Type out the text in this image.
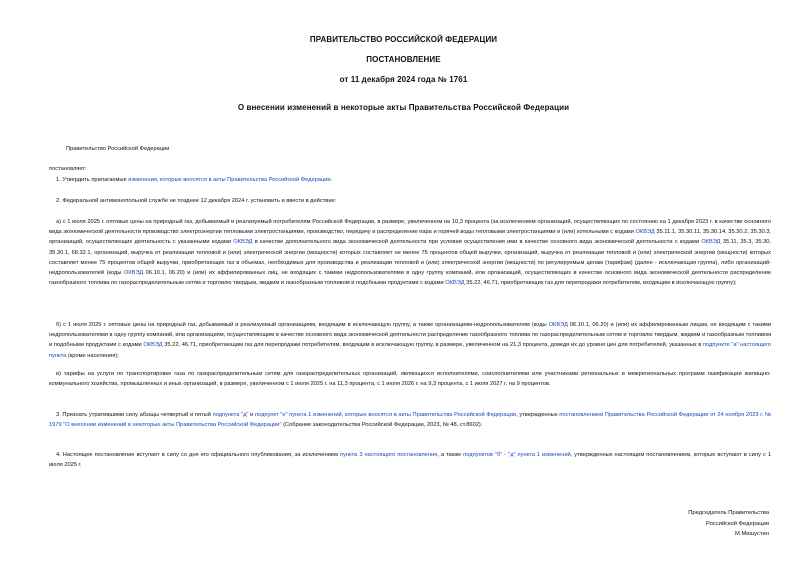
ПРАВИТЕЛЬСТВО РОССИЙСКОЙ ФЕДЕРАЦИИ
ПОСТАНОВЛЕНИЕ
от 11 декабря 2024 года № 1761
О внесении изменений в некоторые акты Правительства Российской Федерации
Правительство Российской Федерации
постановляет:
1. Утвердить прилагаемые изменения, которые вносятся в акты Правительства Российской Федерации.
2. Федеральной антимонопольной службе не позднее 12 декабря 2024 г. установить и ввести в действие:
а) с 1 июля 2025 г. оптовые цены на природный газ, добываемый и реализуемый потребителям Российской Федерации, в размере, увеличенном на 10,3 процента (за исключением организаций, осуществляющих по состоянию на 1 декабря 2023 г. в качестве основного вида экономической деятельности производство электроэнергии тепловыми электростанциями, производство, передачу и распределение пара и горячей воды тепловыми электростанциями и (или) котельными с кодами ОКВЭД 35.11.1, 35.30.11, 35.30.14, 35.30.2, 35.30.3, организаций, осуществляющих деятельность с указанными кодами ОКВЭД в качестве дополнительного вида экономической деятельности при условии осуществления ими в качестве основного вида экономической деятельности с кодами ОКВЭД 35.11, 35.3, 35.30, 35.30.1, 68.32.1, организаций, выручка от реализации тепловой и (или) электрической энергии (мощности) которых составляет не менее 75 процентов общей выручки, организаций, выручка от реализации тепловой и (или) электрической энергии (мощности) которых составляет менее 75 процентов общей выручки, приобретающих газ в объемах, необходимых для производства и реализации тепловой и (или) электрической энергии (мощности) по регулируемым ценам (тарифам) (далее - исключающая группа), либо организаций-недропользователей (коды ОКВЭД 06.10.1, 06.20) и (или) их аффилированных лиц, не входящих с такими недропользователями в одну группу компаний, или организаций, осуществляющих в качестве основного вида экономической деятельности распределение газообразного топлива по газораспределительным сетям и торговлю твердым, жидким и газообразным топливом и подобными продуктами с кодами ОКВЭД 35.22, 46.71, приобретающих газ для перепродажи потребителям, входящим в исключающую группу);
б) с 1 июля 2025 г. оптовые цены на природный газ, добываемый и реализуемый организациям, входящим в исключающую группу, а также организациям-недропользователям (коды ОКВЭД 06.10.1, 06.20) и (или) их аффилированным лицам, не входящим с такими недропользователями в одну группу компаний, или организациям, осуществляющим в качестве основного вида экономической деятельности распределение газообразного топлива по газораспределительным сетям и торговлю твердым, жидким и газообразным топливом и подобными продуктами с кодами ОКВЭД 35.22, 46.71, приобретающим газ для перепродажи потребителям, входящим в исключающую группу, в размере, увеличенном на 21,3 процента, доведя их до уровня цен для потребителей, указанных в подпункте "а" настоящего пункта (кроме населения);
в) тарифы на услуги по транспортировке газа по газораспределительным сетям для газораспределительных организаций, являющихся исполнителями, соисполнителями или участниками региональных и межрегиональных программ газификации жилищно-коммунального хозяйства, промышленных и иных организаций, в размере, увеличенном с 1 июля 2025 г. на 11,3 процента, с 1 июля 2026 г. на 9,3 процента, с 1 июля 2027 г. на 9 процентов.
3. Признать утратившими силу абзацы четвертый и пятый подпункта "д" и подпункт "е" пункта 1 изменений, которые вносятся в акты Правительства Российской Федерации, утвержденных постановлением Правительства Российской Федерации от 24 ноября 2023 г. № 1979 "О внесении изменений в некоторые акты Правительства Российской Федерации" (Собрание законодательства Российской Федерации, 2023, № 48, ст.8602).
4. Настоящее постановление вступает в силу со дня его официального опубликования, за исключением пункта 3 настоящего постановления, а также подпунктов "б" - "д" пункта 1 изменений, утвержденных настоящим постановлением, которые вступают в силу с 1 июля 2025 г.
Председатель Правительства
Российской Федерации
М.Мишустин
